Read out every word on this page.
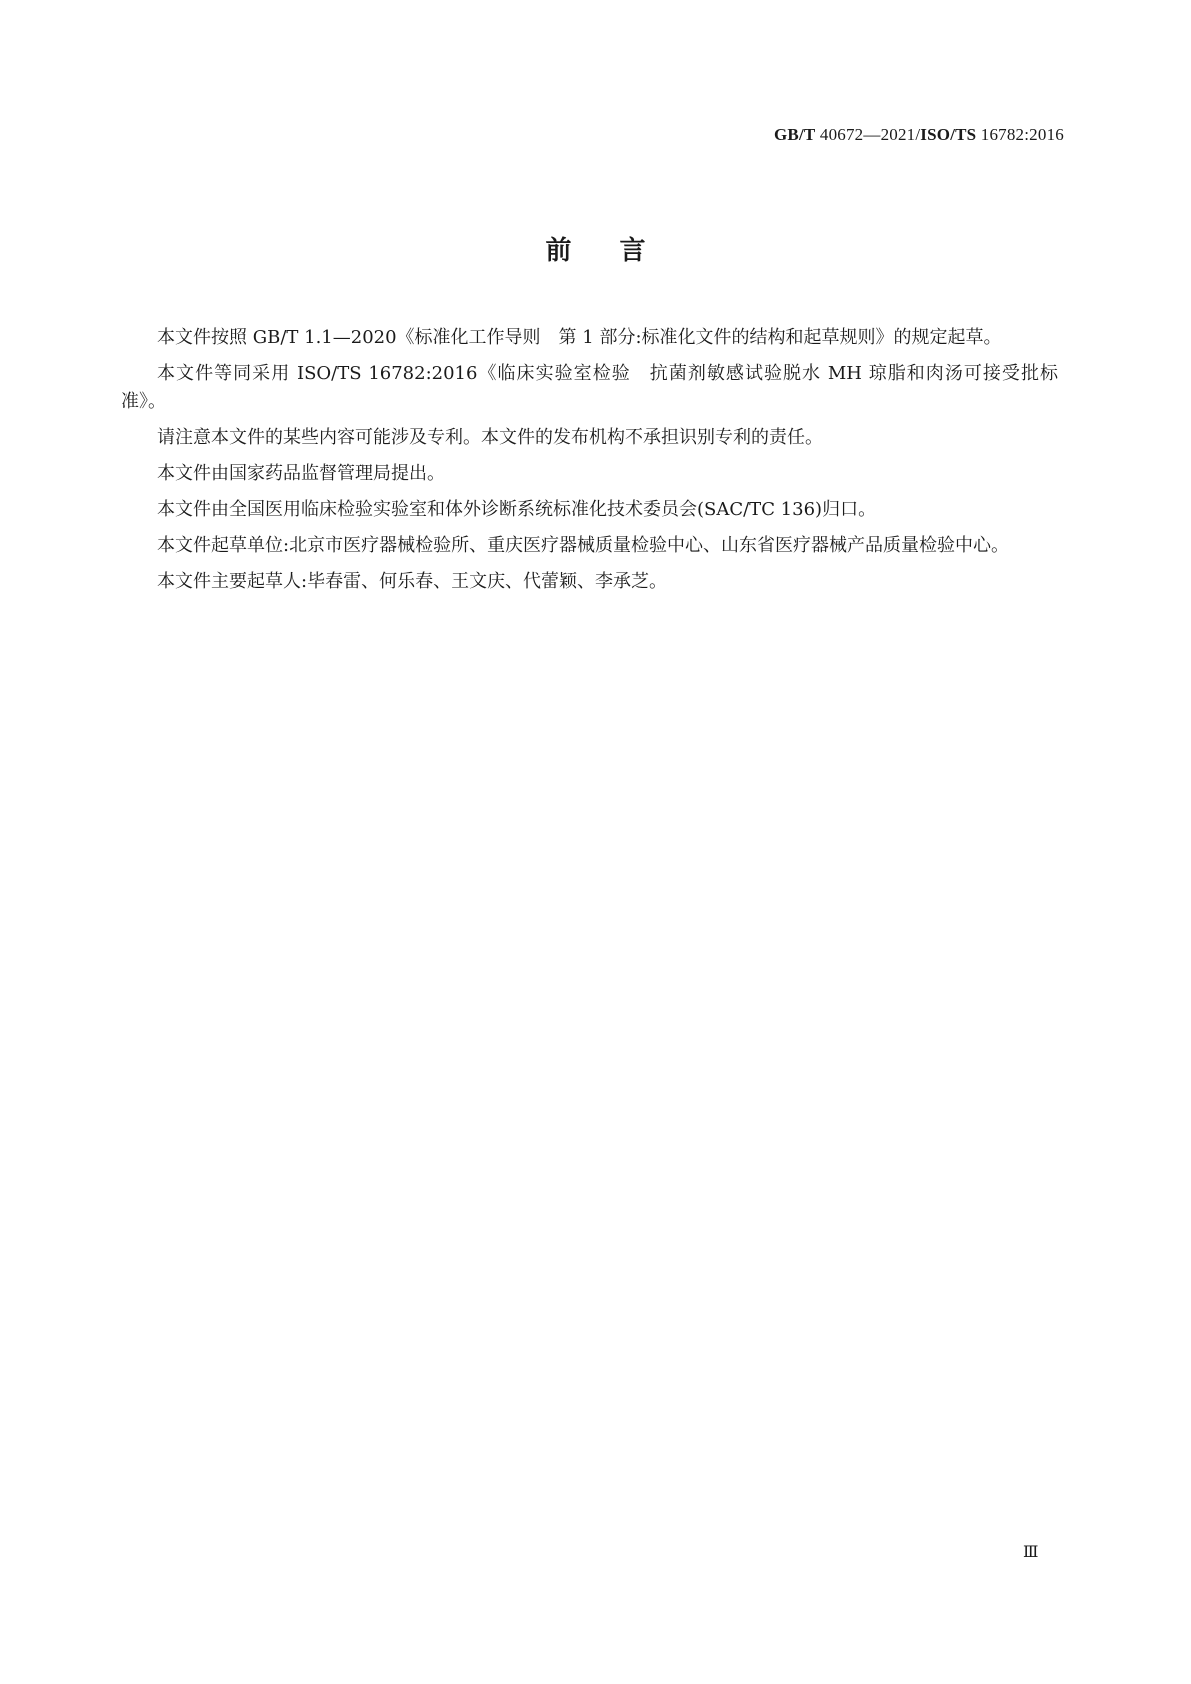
GB/T 40672—2021/ISO/TS 16782:2016
前言

本文件按照 GB/T 1.1—2020《标准化工作导则　第 1 部分:标准化文件的结构和起草规则》的规定起草。

本文件等同采用 ISO/TS 16782:2016《临床实验室检验　抗菌剂敏感试验脱水 MH 琼脂和肉汤可接受批标准》。

请注意本文件的某些内容可能涉及专利。本文件的发布机构不承担识别专利的责任。

本文件由国家药品监督管理局提出。

本文件由全国医用临床检验实验室和体外诊断系统标准化技术委员会(SAC/TC 136)归口。

本文件起草单位:北京市医疗器械检验所、重庆医疗器械质量检验中心、山东省医疗器械产品质量检验中心。

本文件主要起草人:毕春雷、何乐春、王文庆、代蕾颖、李承芝。

Ⅲ
